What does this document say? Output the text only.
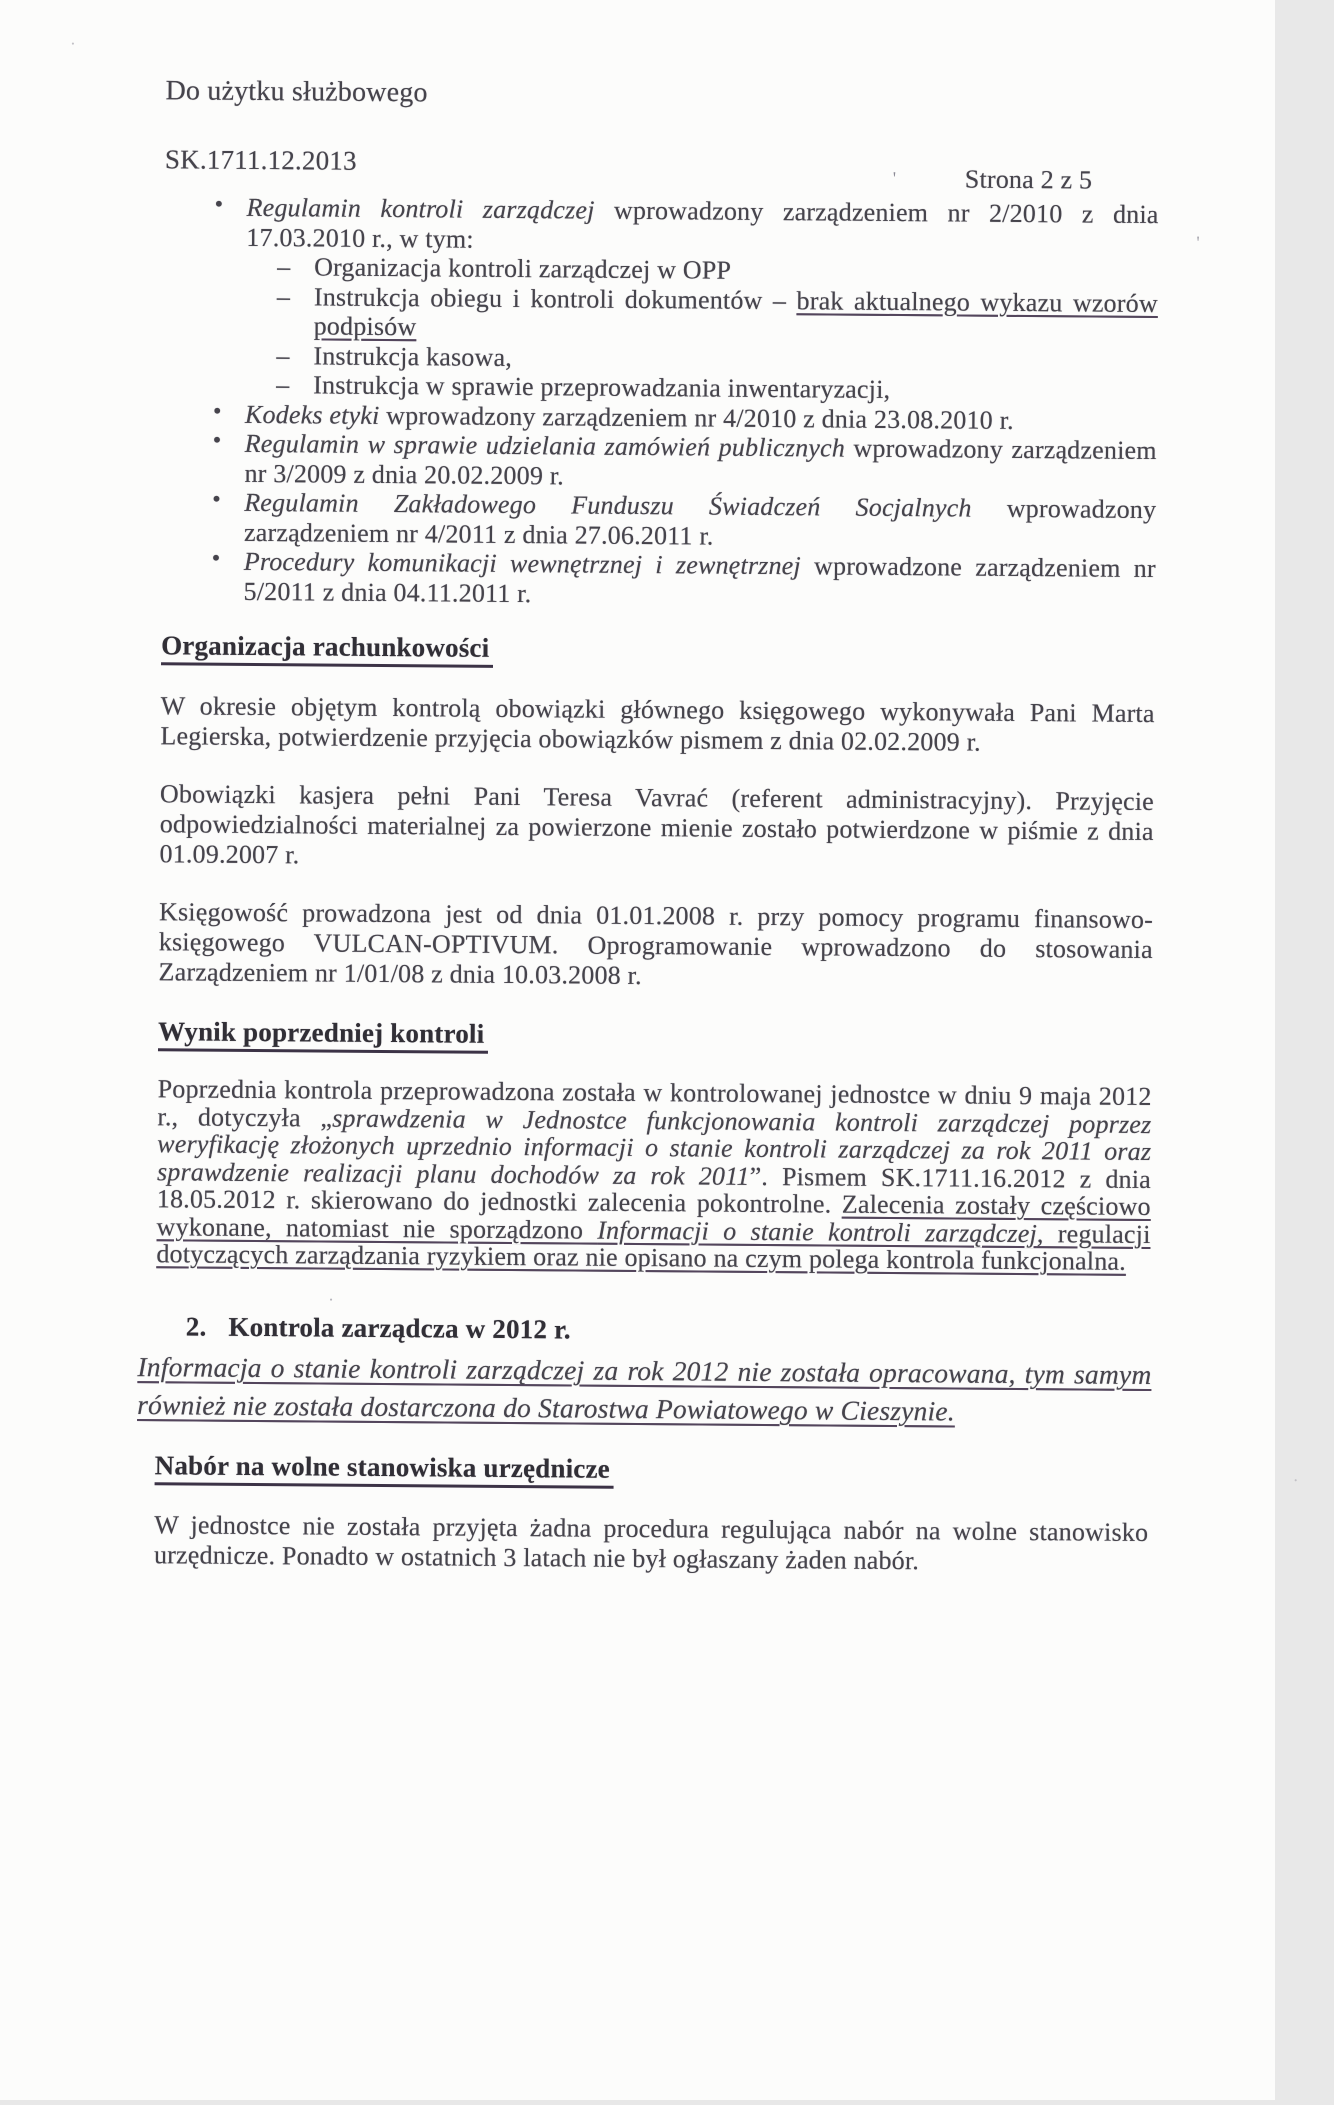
Do użytku służbowego
SK.1711.12.2013
Strona 2 z 5
• Regulamin kontroli zarządczej wprowadzony zarządzeniem nr 2/2010 z dnia 17.03.2010 r., w tym:
– Organizacja kontroli zarządczej w OPP
– Instrukcja obiegu i kontroli dokumentów – brak aktualnego wykazu wzorów podpisów
– Instrukcja kasowa,
– Instrukcja w sprawie przeprowadzania inwentaryzacji,
• Kodeks etyki wprowadzony zarządzeniem nr 4/2010 z dnia 23.08.2010 r.
• Regulamin w sprawie udzielania zamówień publicznych wprowadzony zarządzeniem nr 3/2009 z dnia 20.02.2009 r.
• Regulamin Zakładowego Funduszu Świadczeń Socjalnych wprowadzony zarządzeniem nr 4/2011 z dnia 27.06.2011 r.
• Procedury komunikacji wewnętrznej i zewnętrznej wprowadzone zarządzeniem nr 5/2011 z dnia 04.11.2011 r.
Organizacja rachunkowości
W okresie objętym kontrolą obowiązki głównego księgowego wykonywała Pani Marta Legierska, potwierdzenie przyjęcia obowiązków pismem z dnia 02.02.2009 r.
Obowiązki kasjera pełni Pani Teresa Vavrać (referent administracyjny). Przyjęcie odpowiedzialności materialnej za powierzone mienie zostało potwierdzone w piśmie z dnia 01.09.2007 r.
Księgowość prowadzona jest od dnia 01.01.2008 r. przy pomocy programu finansowo-księgowego VULCAN-OPTIVUM. Oprogramowanie wprowadzono do stosowania Zarządzeniem nr 1/01/08 z dnia 10.03.2008 r.
Wynik poprzedniej kontroli
Poprzednia kontrola przeprowadzona została w kontrolowanej jednostce w dniu 9 maja 2012 r., dotyczyła „sprawdzenia w Jednostce funkcjonowania kontroli zarządczej poprzez weryfikację złożonych uprzednio informacji o stanie kontroli zarządczej za rok 2011 oraz sprawdzenie realizacji planu dochodów za rok 2011”. Pismem SK.1711.16.2012 z dnia 18.05.2012 r. skierowano do jednostki zalecenia pokontrolne. Zalecenia zostały częściowo wykonane, natomiast nie sporządzono Informacji o stanie kontroli zarządczej, regulacji dotyczących zarządzania ryzykiem oraz nie opisano na czym polega kontrola funkcjonalna.
2. Kontrola zarządcza w 2012 r.
Informacja o stanie kontroli zarządczej za rok 2012 nie została opracowana, tym samym również nie została dostarczona do Starostwa Powiatowego w Cieszynie.
Nabór na wolne stanowiska urzędnicze
W jednostce nie została przyjęta żadna procedura regulująca nabór na wolne stanowisko urzędnicze. Ponadto w ostatnich 3 latach nie był ogłaszany żaden nabór.
'
'
·
·
·
